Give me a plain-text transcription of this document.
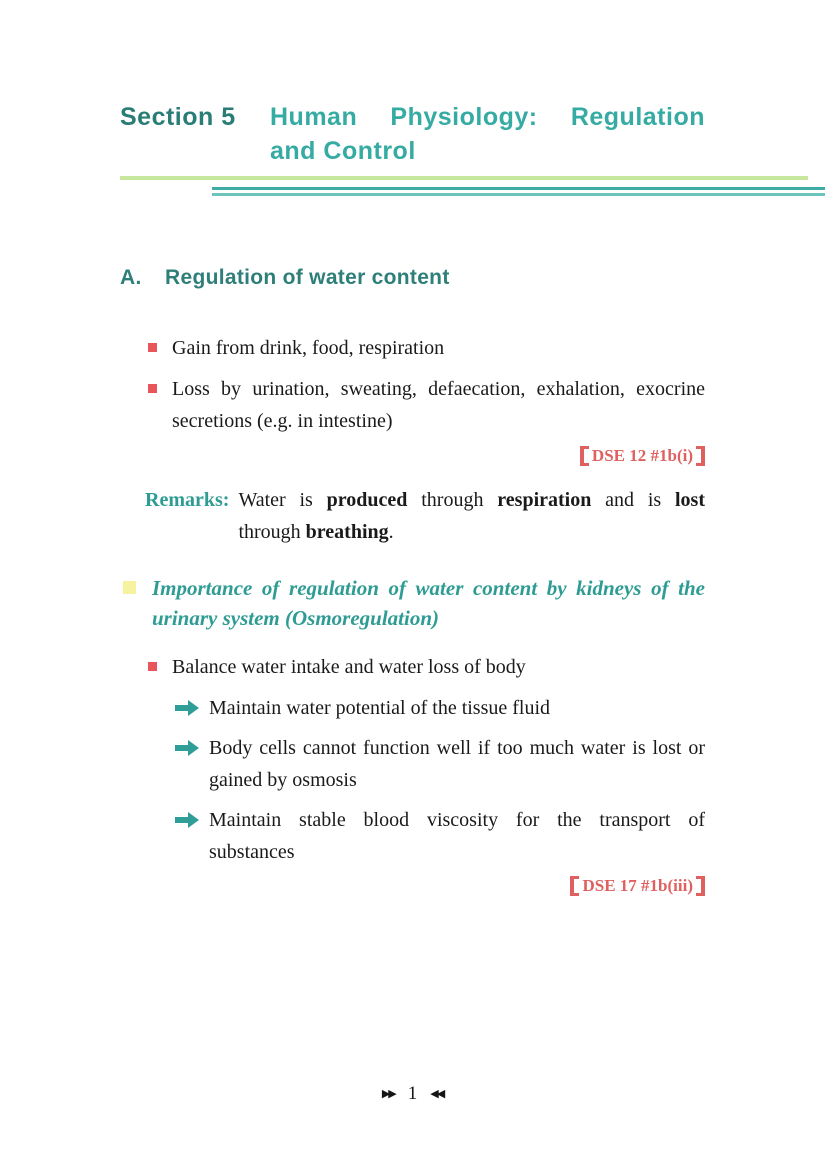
Section 5	Human Physiology: Regulation
and Control
A.	Regulation of water content
Gain from drink, food, respiration
Loss by urination, sweating, defaecation, exhalation, exocrine secretions (e.g. in intestine)
DSE 12 #1b(i)
Remarks: Water is produced through respiration and is lost through breathing.
Importance of regulation of water content by kidneys of the urinary system (Osmoregulation)
Balance water intake and water loss of body
Maintain water potential of the tissue fluid
Body cells cannot function well if too much water is lost or gained by osmosis
Maintain stable blood viscosity for the transport of substances
DSE 17 #1b(iii)
▶▶ 1 ◀◀
